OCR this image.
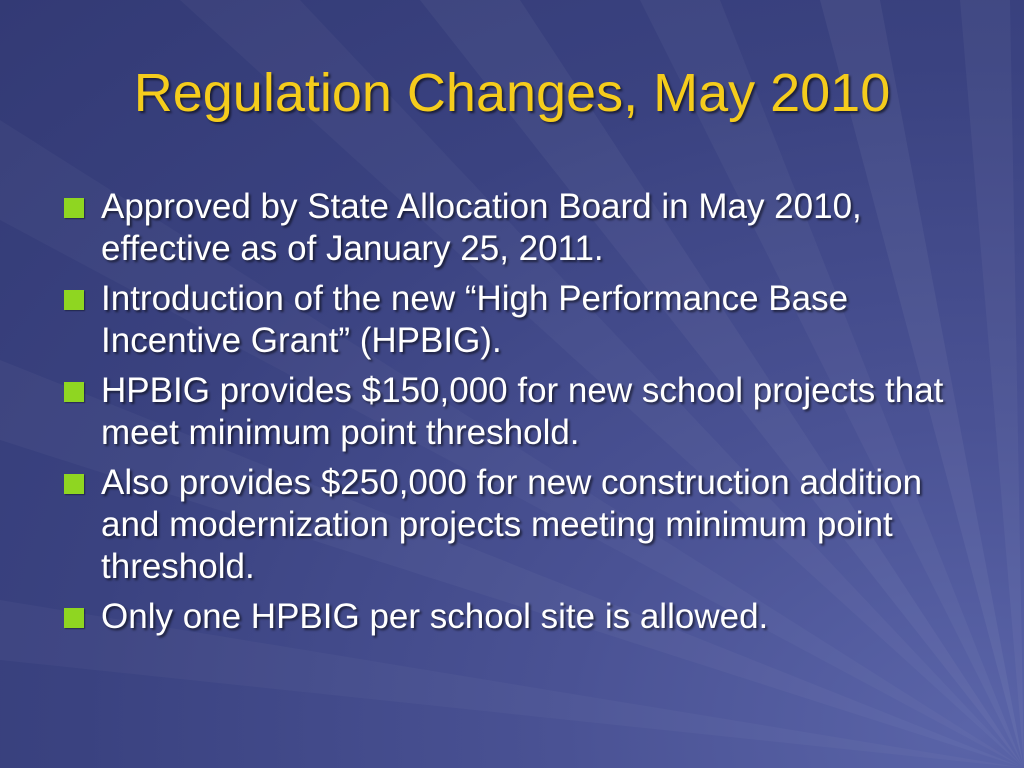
Regulation Changes, May 2010
Approved by State Allocation Board in May 2010, effective as of January 25, 2011.
Introduction of the new “High Performance Base Incentive Grant” (HPBIG).
HPBIG provides $150,000 for new school projects that meet minimum point threshold.
Also provides $250,000 for new construction addition and modernization projects meeting minimum point threshold.
Only one HPBIG per school site is allowed.
